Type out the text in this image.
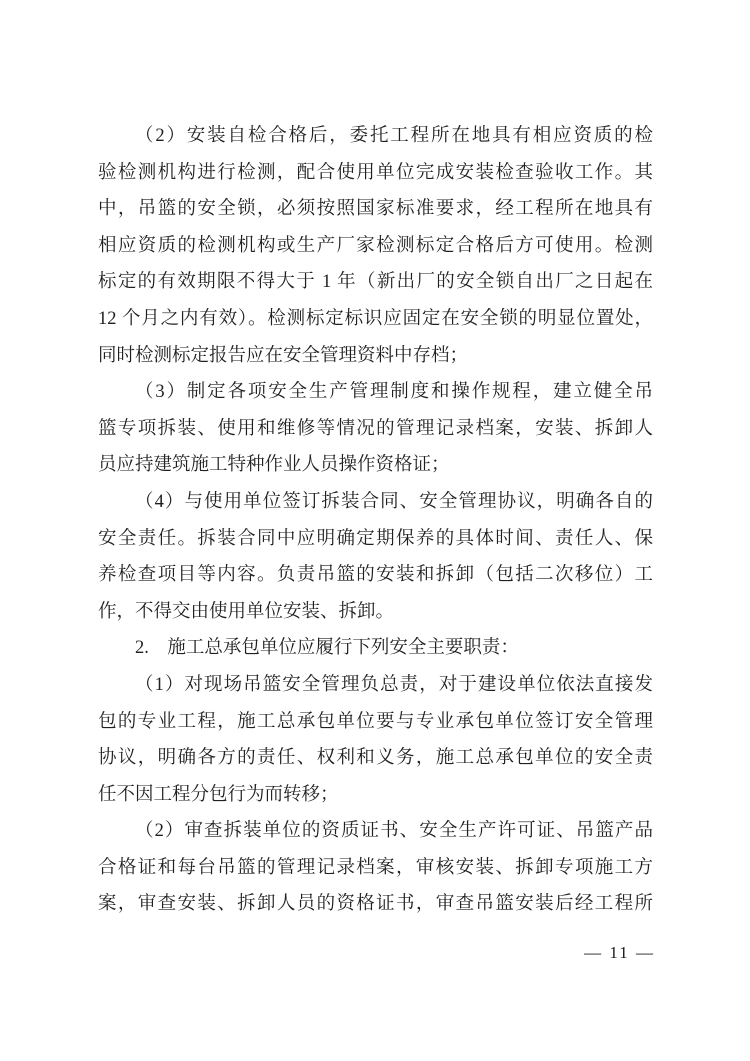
（2）安装自检合格后，委托工程所在地具有相应资质的检
验检测机构进行检测，配合使用单位完成安装检查验收工作。其
中，吊篮的安全锁，必须按照国家标准要求，经工程所在地具有
相应资质的检测机构或生产厂家检测标定合格后方可使用。检测
标定的有效期限不得大于 1 年（新出厂的安全锁自出厂之日起在
12 个月之内有效）。检测标定标识应固定在安全锁的明显位置处，
同时检测标定报告应在安全管理资料中存档；
（3）制定各项安全生产管理制度和操作规程，建立健全吊
篮专项拆装、使用和维修等情况的管理记录档案，安装、拆卸人
员应持建筑施工特种作业人员操作资格证；
（4）与使用单位签订拆装合同、安全管理协议，明确各自的
安全责任。拆装合同中应明确定期保养的具体时间、责任人、保
养检查项目等内容。负责吊篮的安装和拆卸（包括二次移位）工
作，不得交由使用单位安装、拆卸。
2.　施工总承包单位应履行下列安全主要职责：
（1）对现场吊篮安全管理负总责，对于建设单位依法直接发
包的专业工程，施工总承包单位要与专业承包单位签订安全管理
协议，明确各方的责任、权利和义务，施工总承包单位的安全责
任不因工程分包行为而转移；
（2）审查拆装单位的资质证书、安全生产许可证、吊篮产品
合格证和每台吊篮的管理记录档案，审核安装、拆卸专项施工方
案，审查安装、拆卸人员的资格证书，审查吊篮安装后经工程所
— 11 —
